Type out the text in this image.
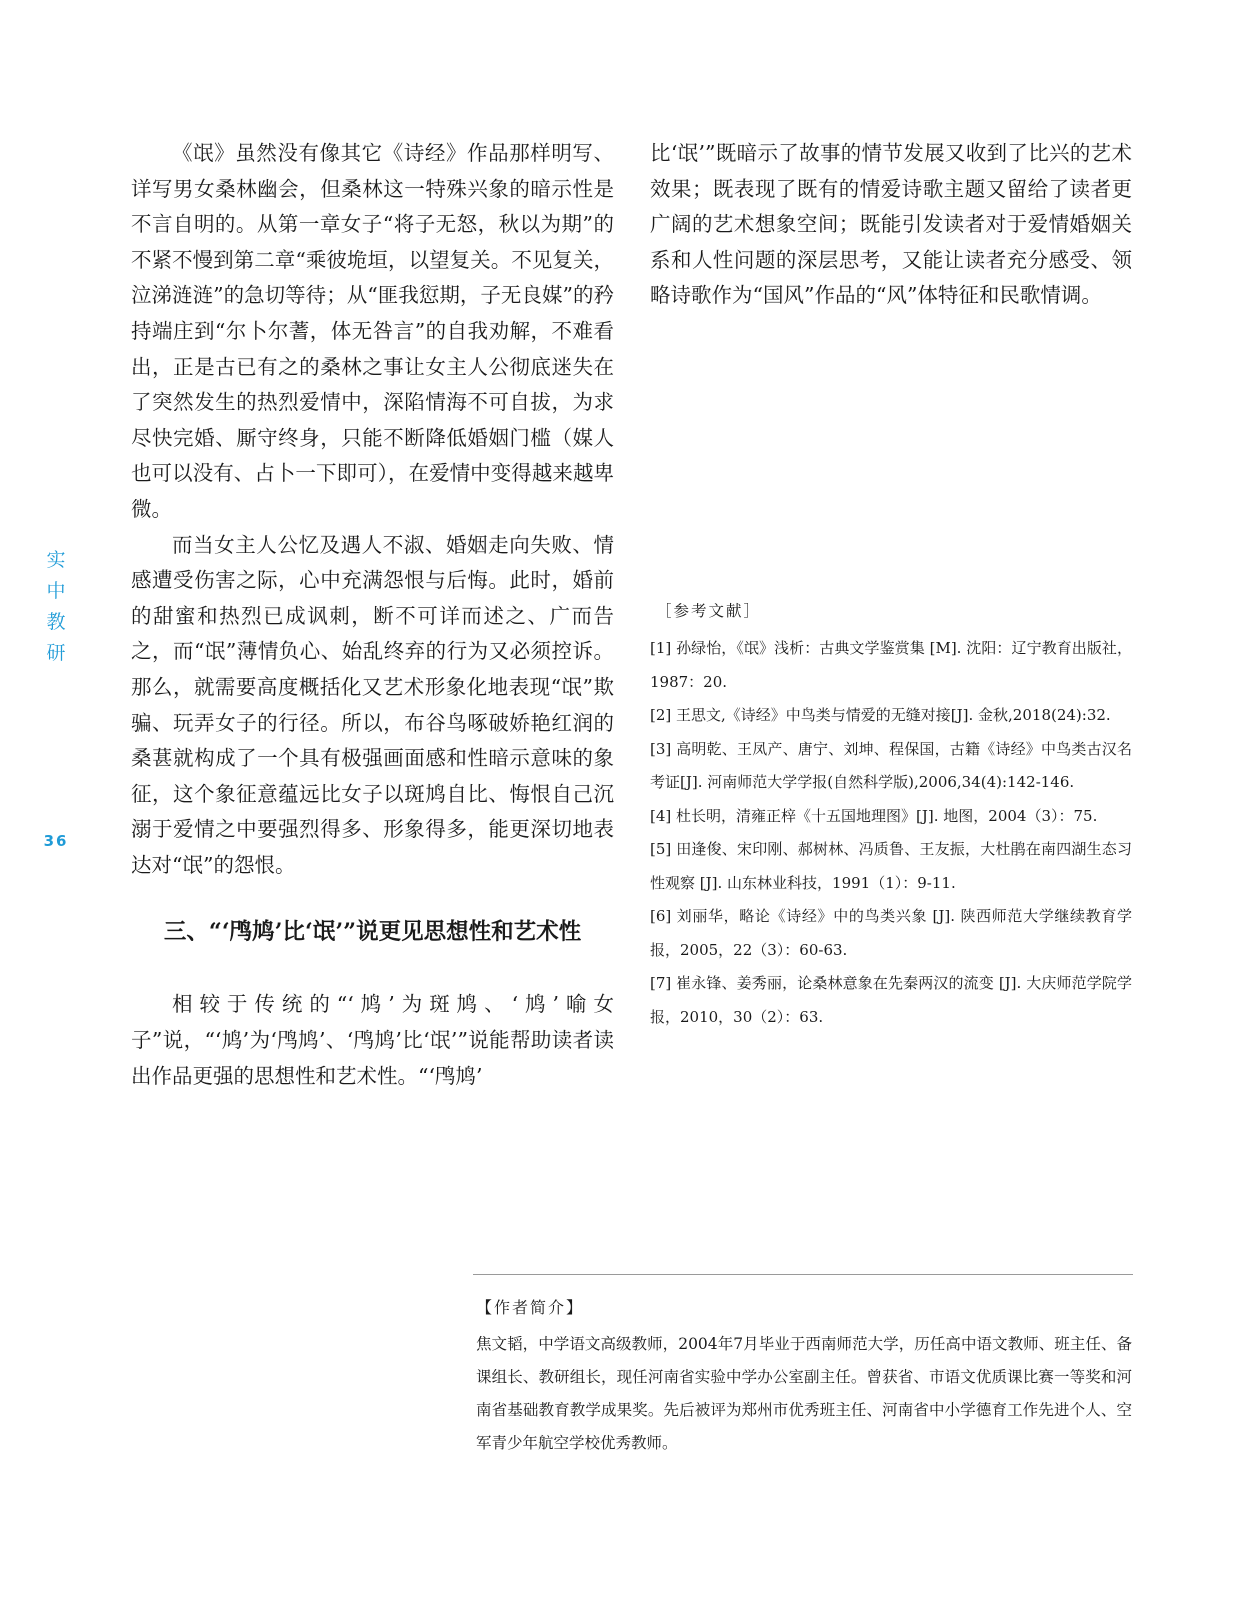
实
中
教
研
36

《氓》虽然没有像其它《诗经》作品那样明写、详写男女桑林幽会，但桑林这一特殊兴象的暗示性是不言自明的。从第一章女子“将子无怒，秋以为期”的不紧不慢到第二章“乘彼垝垣，以望复关。不见复关，泣涕涟涟”的急切等待；从“匪我愆期，子无良媒”的矜持端庄到“尔卜尔蓍，体无咎言”的自我劝解，不难看出，正是古已有之的桑林之事让女主人公彻底迷失在了突然发生的热烈爱情中，深陷情海不可自拔，为求尽快完婚、厮守终身，只能不断降低婚姻门槛（媒人也可以没有、占卜一下即可），在爱情中变得越来越卑微。

而当女主人公忆及遇人不淑、婚姻走向失败、情感遭受伤害之际，心中充满怨恨与后悔。此时，婚前的甜蜜和热烈已成讽刺，断不可详而述之、广而告之，而“氓”薄情负心、始乱终弃的行为又必须控诉。那么，就需要高度概括化又艺术形象化地表现“氓”欺骗、玩弄女子的行径。所以，布谷鸟啄破娇艳红润的桑葚就构成了一个具有极强画面感和性暗示意味的象征，这个象征意蕴远比女子以斑鸠自比、悔恨自己沉溺于爱情之中要强烈得多、形象得多，能更深切地表达对“氓”的怨恨。

三、“‘鸤鸠’比‘氓’”说更见思想性和艺术性

相较于传统的“‘鸠’为斑鸠、‘鸠’喻女子”说，“‘鸠’为‘鸤鸠’、‘鸤鸠’比‘氓’”说能帮助读者读出作品更强的思想性和艺术性。“‘鸤鸠’

比‘氓’”既暗示了故事的情节发展又收到了比兴的艺术效果；既表现了既有的情爱诗歌主题又留给了读者更广阔的艺术想象空间；既能引发读者对于爱情婚姻关系和人性问题的深层思考，又能让读者充分感受、领略诗歌作为“国风”作品的“风”体特征和民歌情调。

［参考文献］

[1] 孙绿怡，《氓》浅析：古典文学鉴赏集 [M]. 沈阳：辽宁教育出版社，1987：20.

[2] 王思文,《诗经》中鸟类与情爱的无缝对接[J]. 金秋,2018(24):32.

[3] 高明乾、王凤产、唐宁、刘坤、程保国，古籍《诗经》中鸟类古汉名考证[J]. 河南师范大学学报(自然科学版),2006,34(4):142-146.

[4] 杜长明，清雍正梓《十五国地理图》[J]. 地图，2004（3）：75.

[5] 田逢俊、宋印刚、郝树林、冯质鲁、王友振，大杜鹃在南四湖生态习性观察 [J]. 山东林业科技，1991（1）：9-11.

[6] 刘丽华，略论《诗经》中的鸟类兴象 [J]. 陕西师范大学继续教育学报，2005，22（3）：60-63.

[7] 崔永锋、姜秀丽，论桑林意象在先秦两汉的流变 [J]. 大庆师范学院学报，2010，30（2）：63.

【作者简介】

焦文韬，中学语文高级教师，2004年7月毕业于西南师范大学，历任高中语文教师、班主任、备课组长、教研组长，现任河南省实验中学办公室副主任。曾获省、市语文优质课比赛一等奖和河南省基础教育教学成果奖。先后被评为郑州市优秀班主任、河南省中小学德育工作先进个人、空军青少年航空学校优秀教师。
